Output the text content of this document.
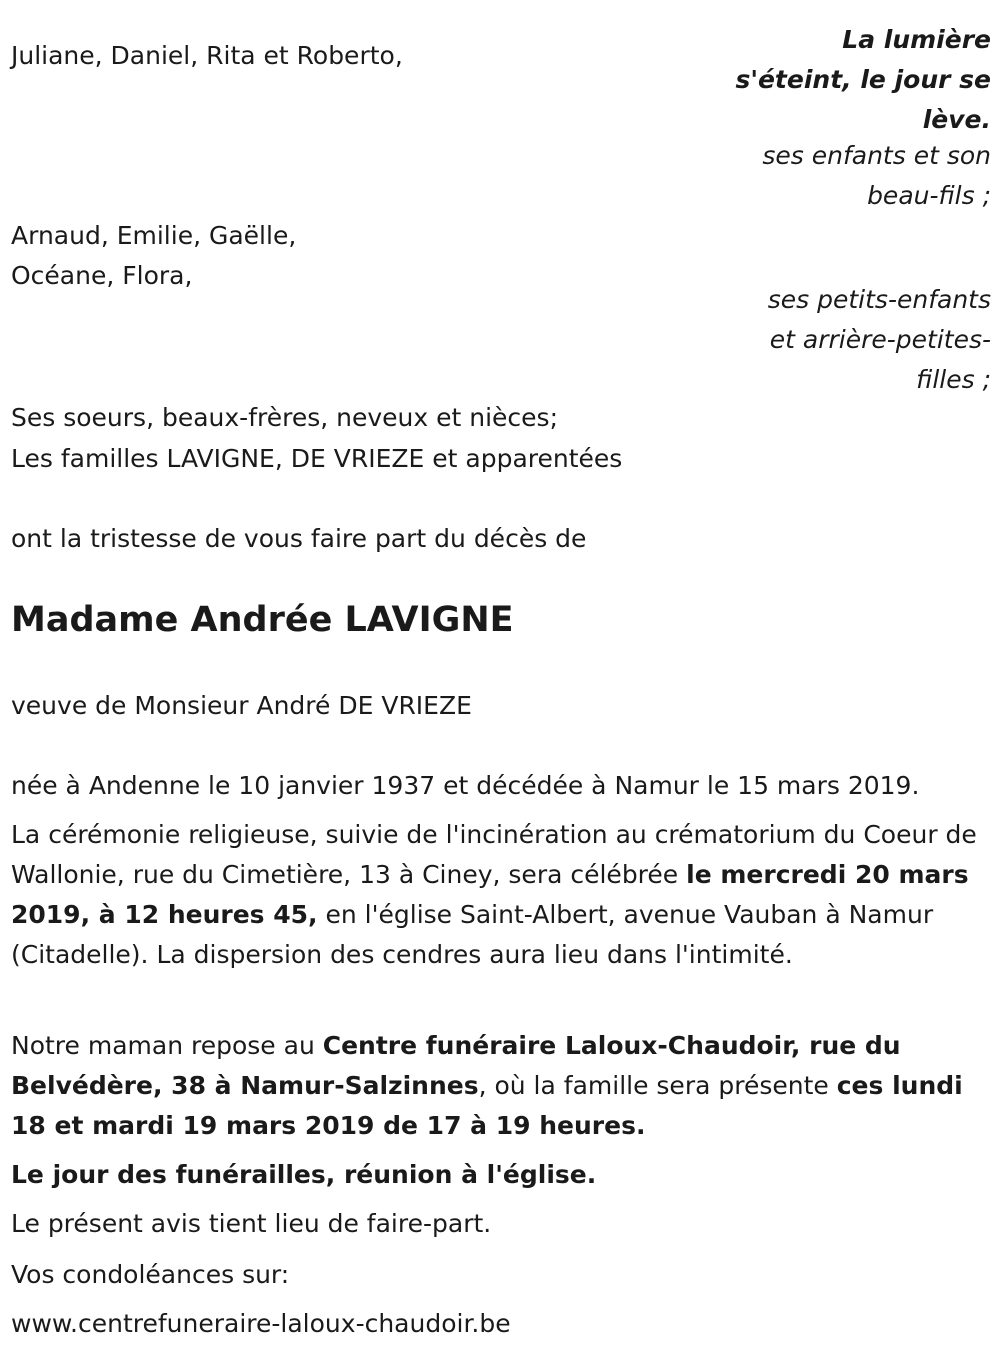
La lumière
s'éteint, le jour se
lève.
Juliane, Daniel, Rita et Roberto,
ses enfants et son
beau-fils ;
Arnaud, Emilie, Gaëlle,
Océane, Flora,
ses petits-enfants
et arrière-petites-
filles ;
Ses soeurs, beaux-frères, neveux et nièces;
Les familles LAVIGNE, DE VRIEZE et apparentées
ont la tristesse de vous faire part du décès de
Madame Andrée LAVIGNE
veuve de Monsieur André DE VRIEZE
née à Andenne le 10 janvier 1937 et décédée à Namur le 15 mars 2019.
La cérémonie religieuse, suivie de l'incinération au crématorium du Coeur de Wallonie, rue du Cimetière, 13 à Ciney, sera célébrée le mercredi 20 mars 2019, à 12 heures 45, en l'église Saint-Albert, avenue Vauban à Namur (Citadelle). La dispersion des cendres aura lieu dans l'intimité.
Notre maman repose au Centre funéraire Laloux-Chaudoir, rue du Belvédère, 38 à Namur-Salzinnes, où la famille sera présente ces lundi 18 et mardi 19 mars 2019 de 17 à 19 heures.
Le jour des funérailles, réunion à l'église.
Le présent avis tient lieu de faire-part.
Vos condoléances sur:
www.centrefuneraire-laloux-chaudoir.be
